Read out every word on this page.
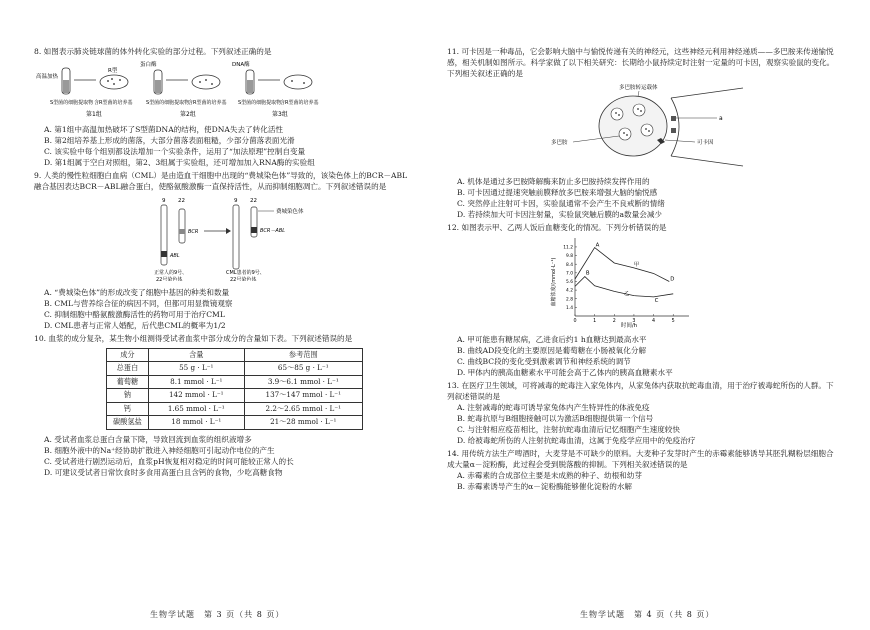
8. 如图表示肺炎链球菌的体外转化实验的部分过程。下列叙述正确的是
高温加热
R型
S型菌的细胞提取物 含R型菌的培养基
蛋白酶
S型菌的细胞提取物
含R型菌的培养基
DNA酶
S型菌的细胞提取物
含R型菌的培养基
第1组	第2组	第3组
A. 第1组中高温加热破坏了S型菌DNA的结构，使DNA失去了转化活性
B. 第2组培养基上形成的菌落，大部分菌落表面粗糙，少部分菌落表面光滑
C. 该实验中每个组别都设法增加一个实验条件，运用了“加法原理”控制自变量
D. 第1组属于空白对照组，第2、3组属于实验组，还可增加加入RNA酶的实验组
9. 人类的慢性粒细胞白血病（CML）是由造血干细胞中出现的“费城染色体”导致的，该染色体上的BCR－ABL融合基因表达BCR－ABL融合蛋白，使酪氨酸激酶一直保持活性，从而抑制细胞凋亡。下列叙述错误的是
9 22	9 22
BCR
ABL
费城染色体
BCR－ABL
正常人的9号、
22号染色体
CML患者的9号、
22号染色体
A. “费城染色体”的形成改变了细胞中基因的种类和数量
B. CML与营养综合征的病因不同，但都可用显微镜观察
C. 抑制细胞中酪氨酸激酶活性的药物可用于治疗CML
D. CML患者与正常人婚配，后代患CML的概率为1/2
10. 血浆的成分复杂，某生物小组测得受试者血浆中部分成分的含量如下表。下列叙述错误的是
成分	含量	参考范围
总蛋白	55 g · L⁻¹	65～85 g · L⁻¹
葡萄糖	8.1 mmol · L⁻¹	3.9～6.1 mmol · L⁻¹
钠	142 mmol · L⁻¹	137～147 mmol · L⁻¹
钙	1.65 mmol · L⁻¹	2.2～2.65 mmol · L⁻¹
碳酸氢盐	18 mmol · L⁻¹	21～28 mmol · L⁻¹
A. 受试者血浆总蛋白含量下降，导致回流到血浆的组织液增多
B. 细胞外液中的Na⁺经协助扩散进入神经细胞可引起动作电位的产生
C. 受试者进行剧烈运动后，血浆pH恢复相对稳定的时间可能较正常人的长
D. 可建议受试者日常饮食时多食用高蛋白且含钙的食物，少吃高糖食物
生物学试题　第 3 页（共 8 页）
11. 可卡因是一种毒品，它会影响大脑中与愉悦传递有关的神经元，这些神经元利用神经递质——多巴胺来传递愉悦感，相关机制如图所示。科学家做了以下相关研究：长期给小鼠持续定时注射一定量的可卡因，观察实验鼠的变化。下列相关叙述正确的是
多巴胺转运载体
a
多巴胺	可卡因
A. 机体是通过多巴胺降解酶来防止多巴胺持续发挥作用的
B. 可卡因通过提速突触前膜释放多巴胺来增强大脑的愉悦感
C. 突然停止注射可卡因，实验鼠通常不会产生不良戒断的情绪
D. 若持续加大可卡因注射量，实验鼠突触后膜的a数量会减少
12. 如图表示甲、乙两人饭后血糖变化的情况。下列分析错误的是
血糖浓度/(mmol·L⁻¹)
时间/h
0	1	2	3	4	5
1.4
2.8
4.2
5.6
7.0
8.4
9.8
11.2
甲
乙
A
B
C
D
A. 甲可能患有糖尿病，乙进食后约1 h血糖达到最高水平
B. 曲线AD段变化的主要原因是葡萄糖在小肠被氧化分解
C. 曲线BC段的变化受到激素调节和神经系统的调节
D. 甲体内的胰高血糖素水平可能会高于乙体内的胰高血糖素水平
13. 在医疗卫生领域，可将减毒的蛇毒注入家兔体内，从家兔体内获取抗蛇毒血清，用于治疗被毒蛇所伤的人群。下列叙述错误的是
A. 注射减毒的蛇毒可诱导家兔体内产生特异性的体液免疫
B. 蛇毒抗原与B细胞接触可以为激活B细胞提供第一个信号
C. 与注射相应疫苗相比，注射抗蛇毒血清后记忆细胞产生速度较快
D. 给被毒蛇所伤的人注射抗蛇毒血清，这属于免疫学应用中的免疫治疗
14. 用传统方法生产啤酒时，大麦芽是不可缺少的原料。大麦种子发芽时产生的赤霉素能够诱导其胚乳糊粉层细胞合成大量α－淀粉酶，此过程会受到脱落酸的抑制。下列相关叙述错误的是
A. 赤霉素的合成部位主要是未成熟的种子、幼根和幼芽
B. 赤霉素诱导产生的α－淀粉酶能够催化淀粉的水解
生物学试题　第 4 页（共 8 页）
